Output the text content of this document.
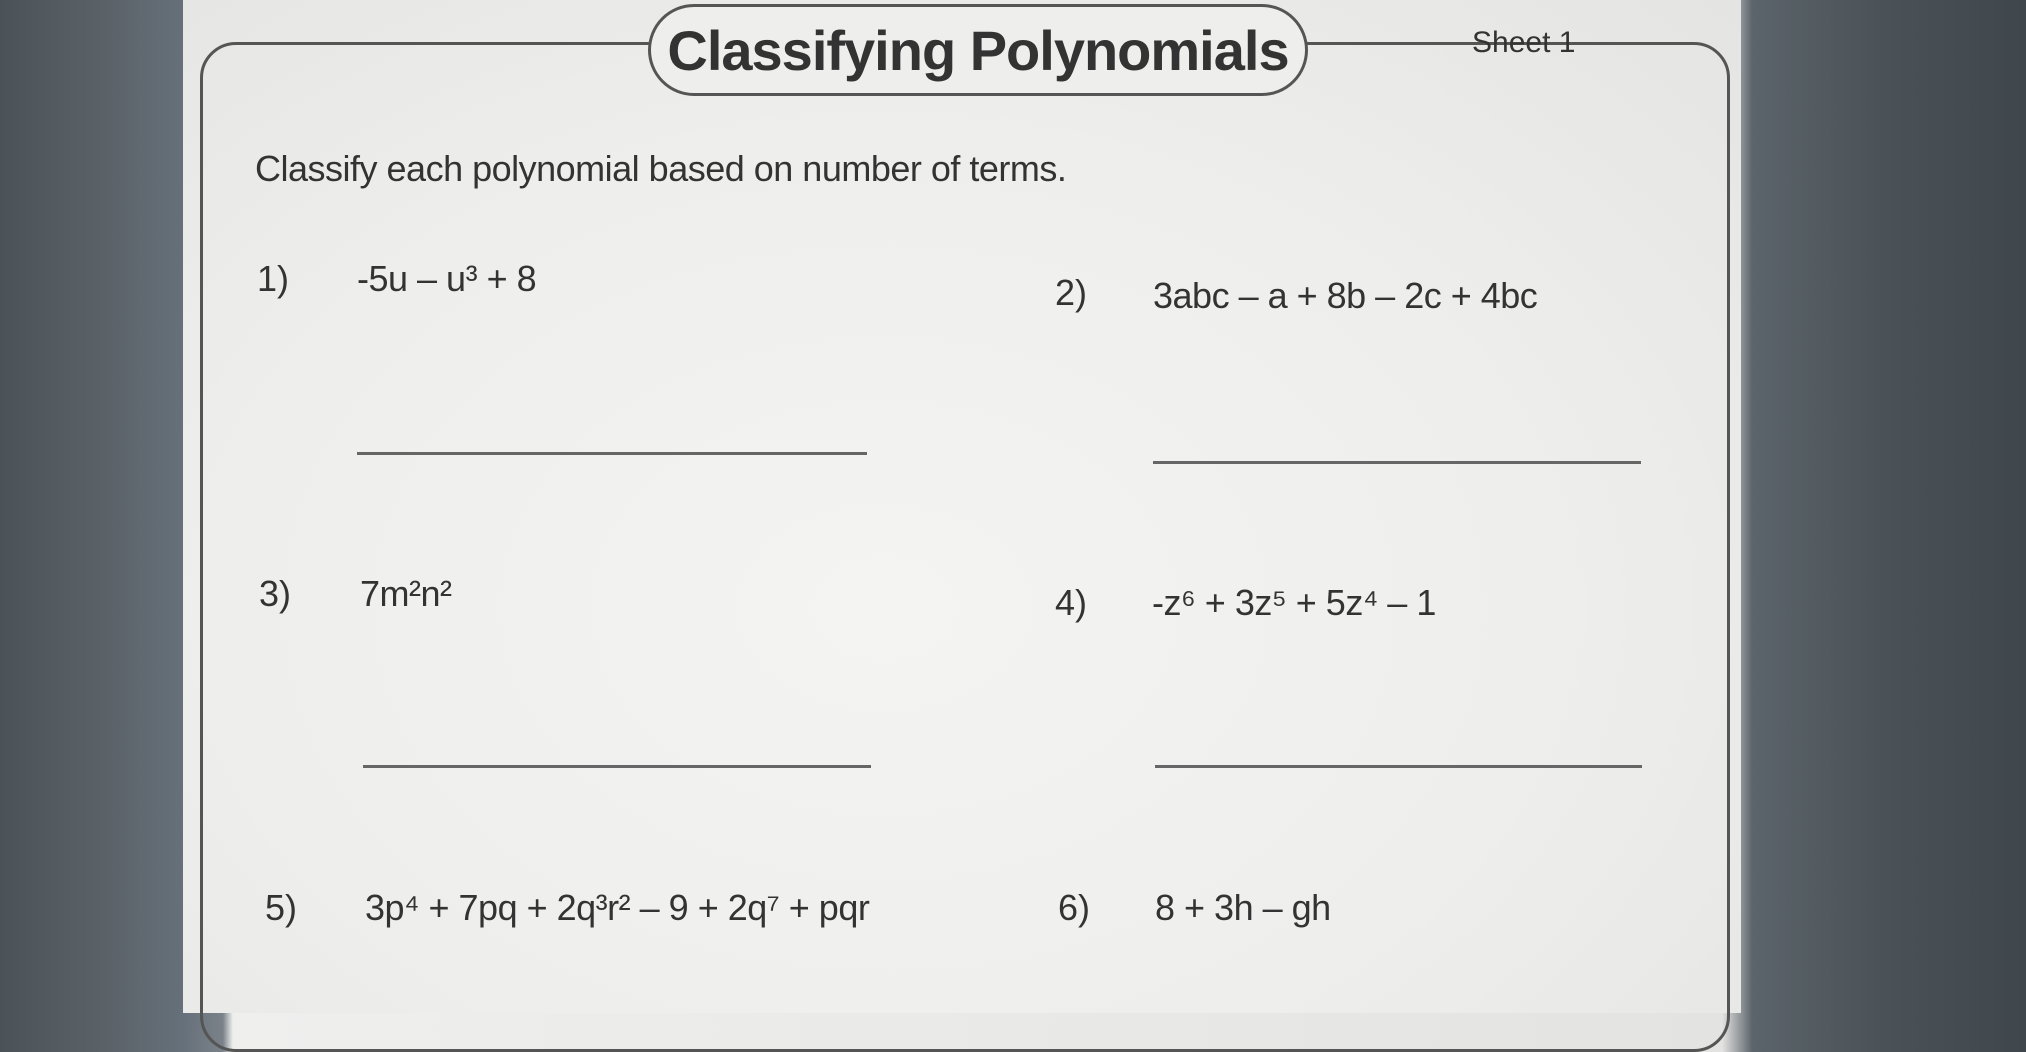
Classifying Polynomials	Sheet 1
Classify each polynomial based on number of terms.
1) -5u – u³ + 8	2) 3abc – a + 8b – 2c + 4bc
3) 7m²n²	4) -z⁶ + 3z⁵ + 5z⁴ – 1
5) 3p⁴ + 7pq + 2q³r² – 9 + 2q⁷ + pqr	6) 8 + 3h – gh
